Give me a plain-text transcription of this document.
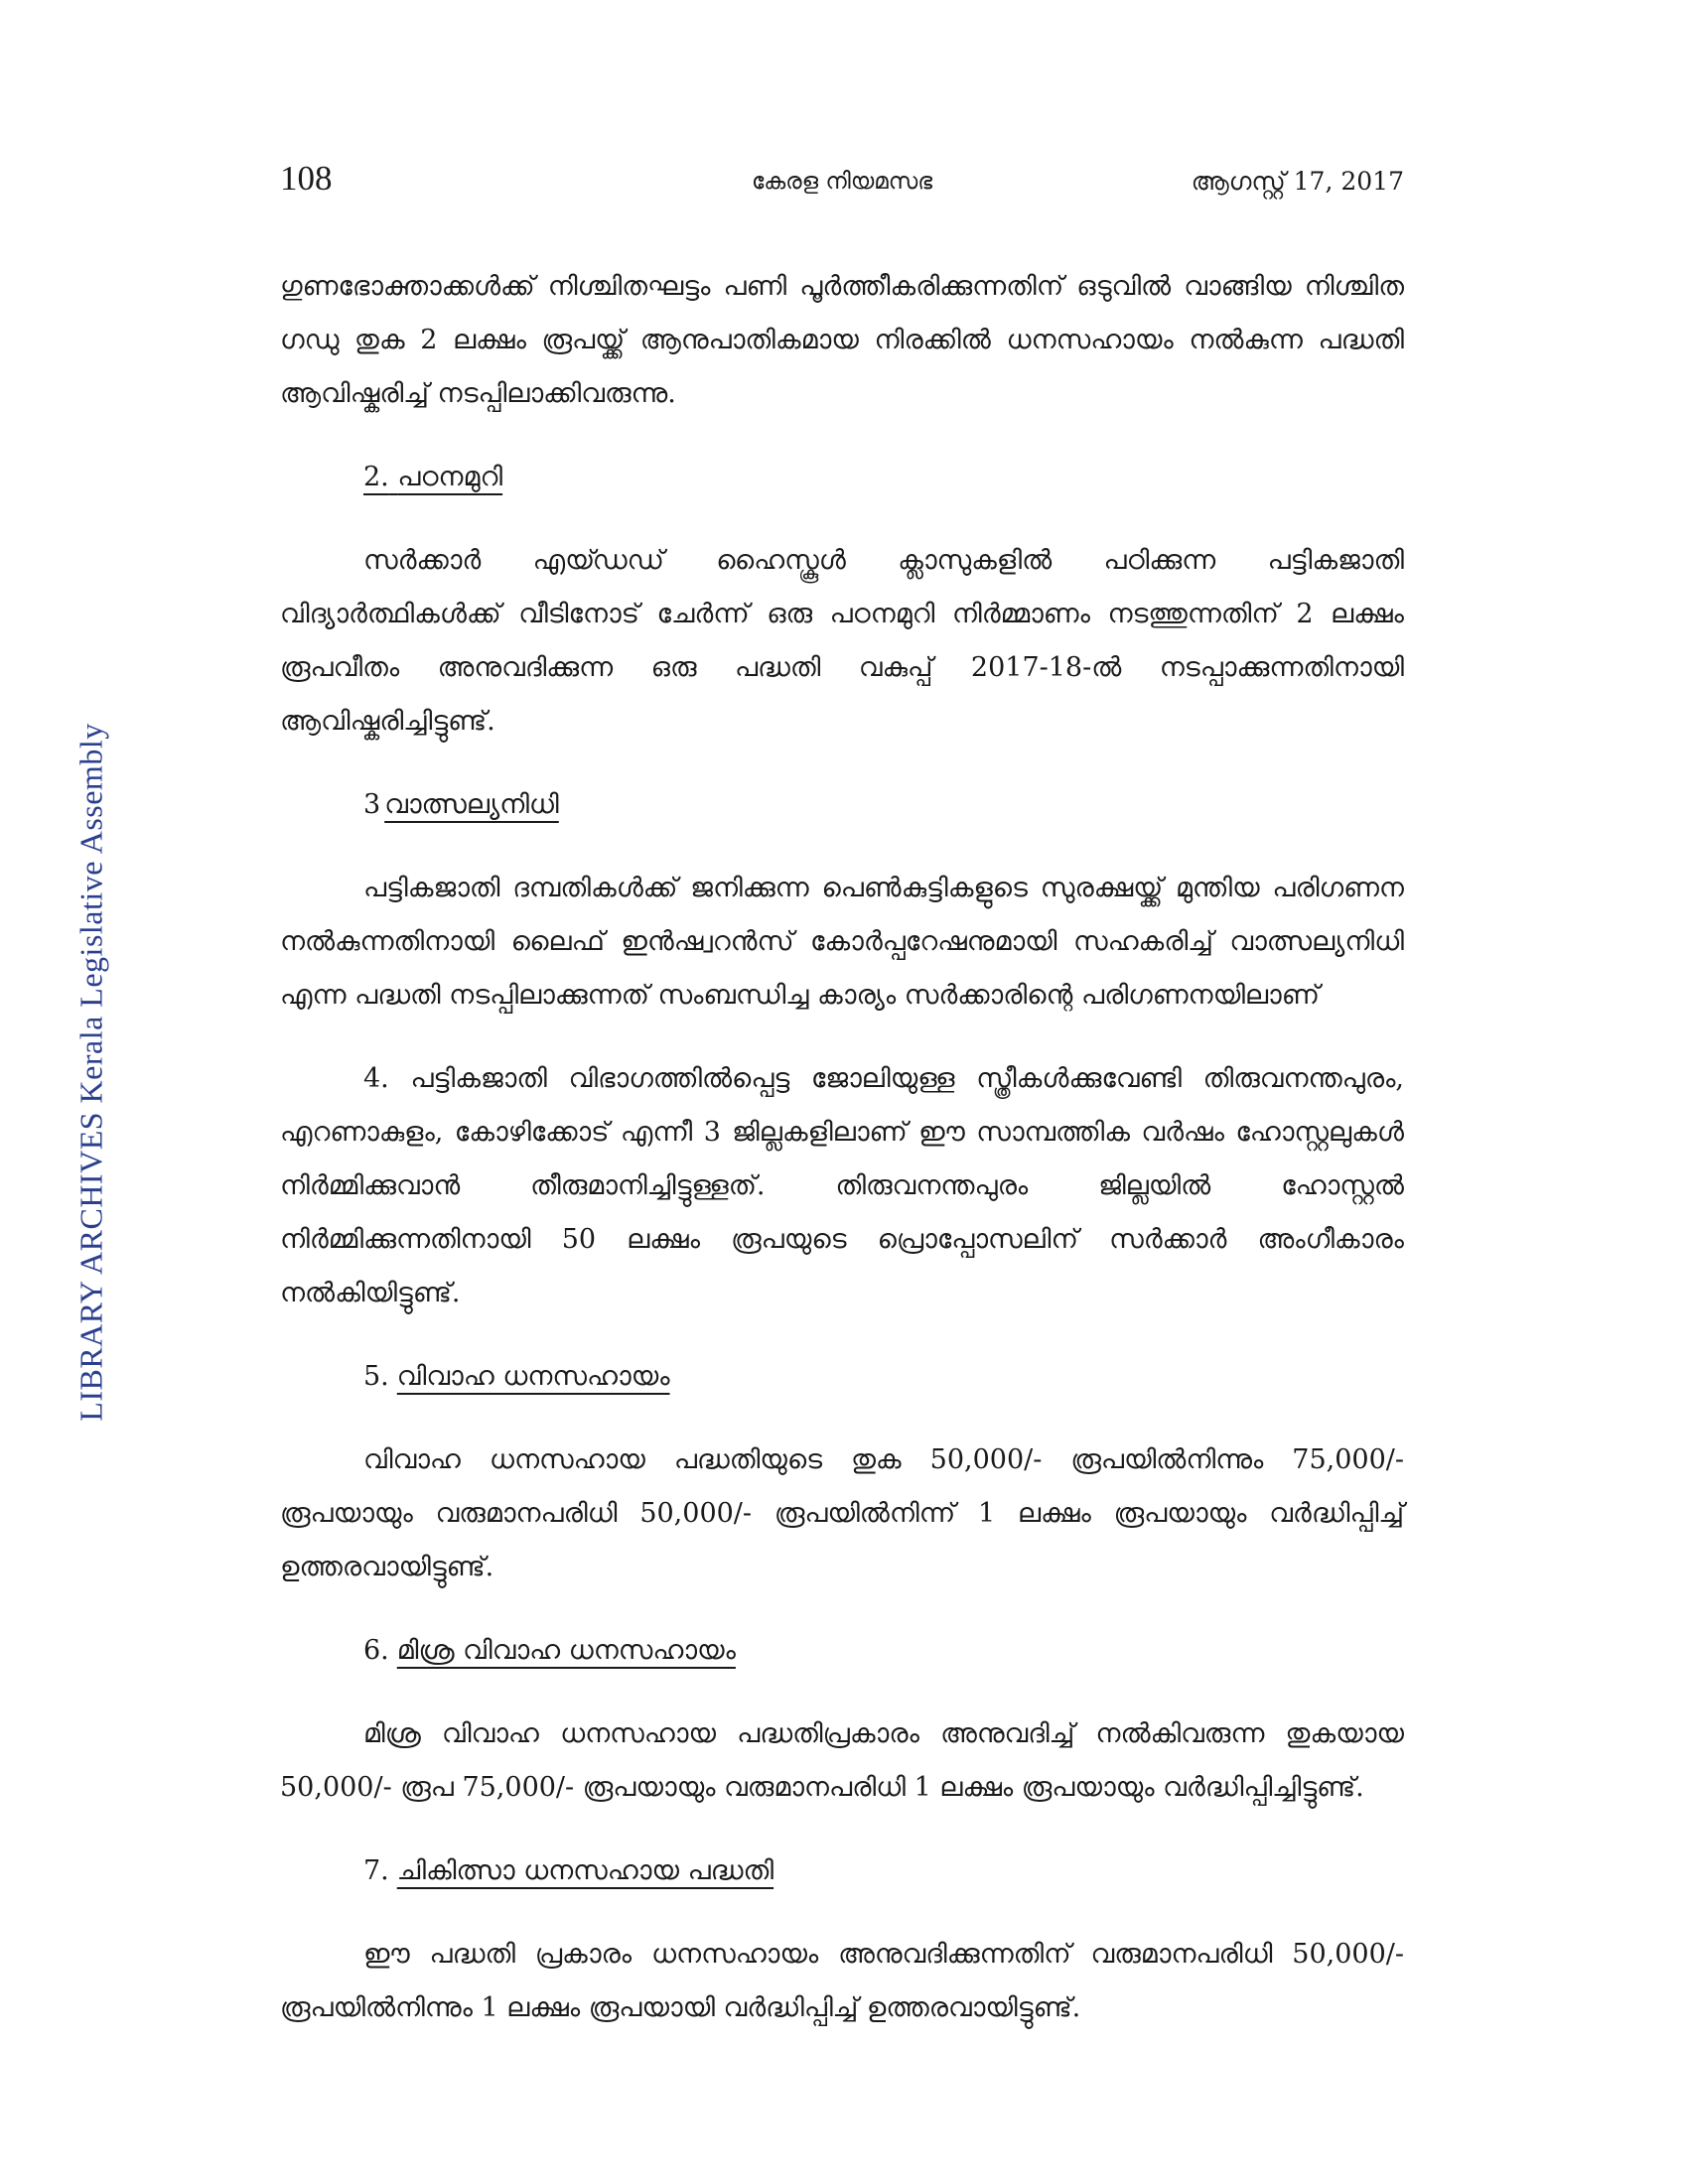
LIBRARY ARCHIVES Kerala Legislative Assembly
108	കേരള നിയമസഭ	ആഗസ്റ്റ് 17, 2017

ഗുണഭോക്താക്കൾക്ക് നിശ്ചിതഘട്ടം പണി പൂർത്തീകരിക്കുന്നതിന് ഒടുവിൽ വാങ്ങിയ നിശ്ചിത ഗഡു തുക 2 ലക്ഷം രൂപയ്ക്ക് ആനുപാതികമായ നിരക്കിൽ ധനസഹായം നൽകുന്ന പദ്ധതി ആവിഷ്കരിച്ച് നടപ്പിലാക്കിവരുന്നു.

2. പഠനമുറി

സർക്കാർ എയ്ഡഡ് ഹൈസ്കൂൾ ക്ലാസുകളിൽ പഠിക്കുന്ന പട്ടികജാതി വിദ്യാർത്ഥികൾക്ക് വീടിനോട് ചേർന്ന് ഒരു പഠനമുറി നിർമ്മാണം നടത്തുന്നതിന് 2 ലക്ഷം രൂപവീതം അനുവദിക്കുന്ന ഒരു പദ്ധതി വകുപ്പ് 2017-18-ൽ നടപ്പാക്കുന്നതിനായി ആവിഷ്കരിച്ചിട്ടുണ്ട്.

3 വാത്സല്യനിധി

പട്ടികജാതി ദമ്പതികൾക്ക് ജനിക്കുന്ന പെൺകുട്ടികളുടെ സുരക്ഷയ്ക്ക് മുന്തിയ പരിഗണന നൽകുന്നതിനായി ലൈഫ് ഇൻഷ്വറൻസ് കോർപ്പറേഷനുമായി സഹകരിച്ച് വാത്സല്യനിധി എന്ന പദ്ധതി നടപ്പിലാക്കുന്നത് സംബന്ധിച്ച കാര്യം സർക്കാരിന്റെ പരിഗണനയിലാണ്

4. പട്ടികജാതി വിഭാഗത്തിൽപ്പെട്ട ജോലിയുള്ള സ്ത്രീകൾക്കുവേണ്ടി തിരുവനന്തപുരം, എറണാകുളം, കോഴിക്കോട് എന്നീ 3 ജില്ലകളിലാണ് ഈ സാമ്പത്തിക വർഷം ഹോസ്റ്റലുകൾ നിർമ്മിക്കുവാൻ തീരുമാനിച്ചിട്ടുള്ളത്. തിരുവനന്തപുരം ജില്ലയിൽ ഹോസ്റ്റൽ നിർമ്മിക്കുന്നതിനായി 50 ലക്ഷം രൂപയുടെ പ്രൊപ്പോസലിന് സർക്കാർ അംഗീകാരം നൽകിയിട്ടുണ്ട്.

5. വിവാഹ ധനസഹായം

വിവാഹ ധനസഹായ പദ്ധതിയുടെ തുക 50,000/- രൂപയിൽനിന്നും 75,000/- രൂപയായും വരുമാനപരിധി 50,000/- രൂപയിൽനിന്ന് 1 ലക്ഷം രൂപയായും വർദ്ധിപ്പിച്ച് ഉത്തരവായിട്ടുണ്ട്.

6. മിശ്ര വിവാഹ ധനസഹായം

മിശ്ര വിവാഹ ധനസഹായ പദ്ധതിപ്രകാരം അനുവദിച്ച് നൽകിവരുന്ന തുകയായ 50,000/- രൂപ 75,000/- രൂപയായും വരുമാനപരിധി 1 ലക്ഷം രൂപയായും വർദ്ധിപ്പിച്ചിട്ടുണ്ട്.

7. ചികിത്സാ ധനസഹായ പദ്ധതി

ഈ പദ്ധതി പ്രകാരം ധനസഹായം അനുവദിക്കുന്നതിന് വരുമാനപരിധി 50,000/- രൂപയിൽനിന്നും 1 ലക്ഷം രൂപയായി വർദ്ധിപ്പിച്ച് ഉത്തരവായിട്ടുണ്ട്.
